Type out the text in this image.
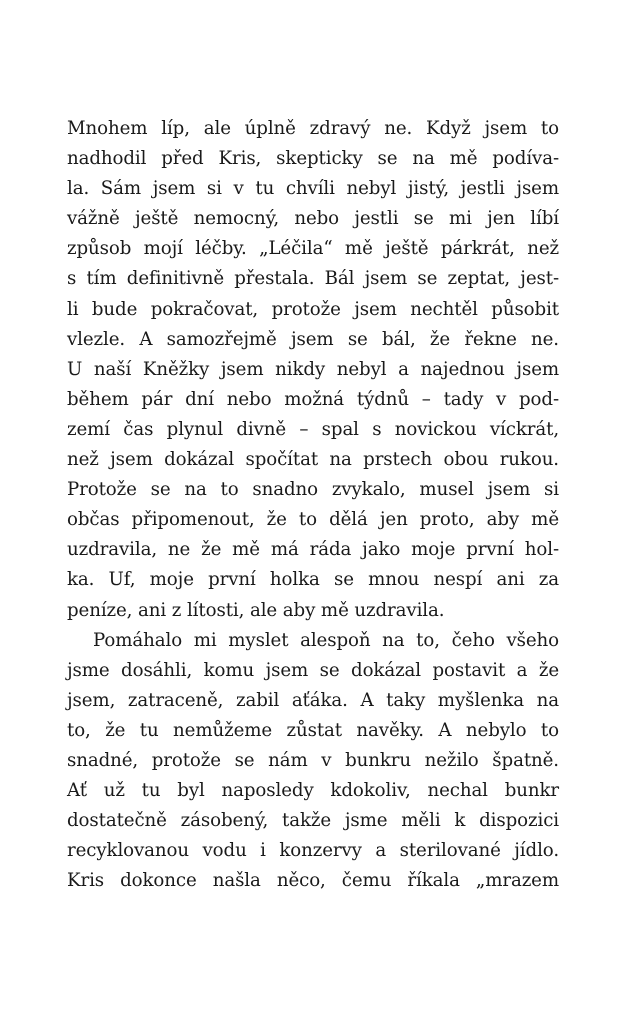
Mnohem líp, ale úplně zdravý ne. Když jsem to
nadhodil před Kris, skepticky se na mě podíva-
la. Sám jsem si v tu chvíli nebyl jistý, jestli jsem
vážně ještě nemocný, nebo jestli se mi jen líbí
způsob mojí léčby. „Léčila“ mě ještě párkrát, než
s tím definitivně přestala. Bál jsem se zeptat, jest-
li bude pokračovat, protože jsem nechtěl působit
vlezle. A samozřejmě jsem se bál, že řekne ne.
U naší Kněžky jsem nikdy nebyl a najednou jsem
během pár dní nebo možná týdnů – tady v pod-
zemí čas plynul divně – spal s novickou víckrát,
než jsem dokázal spočítat na prstech obou rukou.
Protože se na to snadno zvykalo, musel jsem si
občas připomenout, že to dělá jen proto, aby mě
uzdravila, ne že mě má ráda jako moje první hol-
ka. Uf, moje první holka se mnou nespí ani za
peníze, ani z lítosti, ale aby mě uzdravila.
Pomáhalo mi myslet alespoň na to, čeho všeho
jsme dosáhli, komu jsem se dokázal postavit a že
jsem, zatraceně, zabil aťáka. A taky myšlenka na
to, že tu nemůžeme zůstat navěky. A nebylo to
snadné, protože se nám v bunkru nežilo špatně.
Ať už tu byl naposledy kdokoliv, nechal bunkr
dostatečně zásobený, takže jsme měli k dispozici
recyklovanou vodu i konzervy a sterilované jídlo.
Kris dokonce našla něco, čemu říkala „mrazem
